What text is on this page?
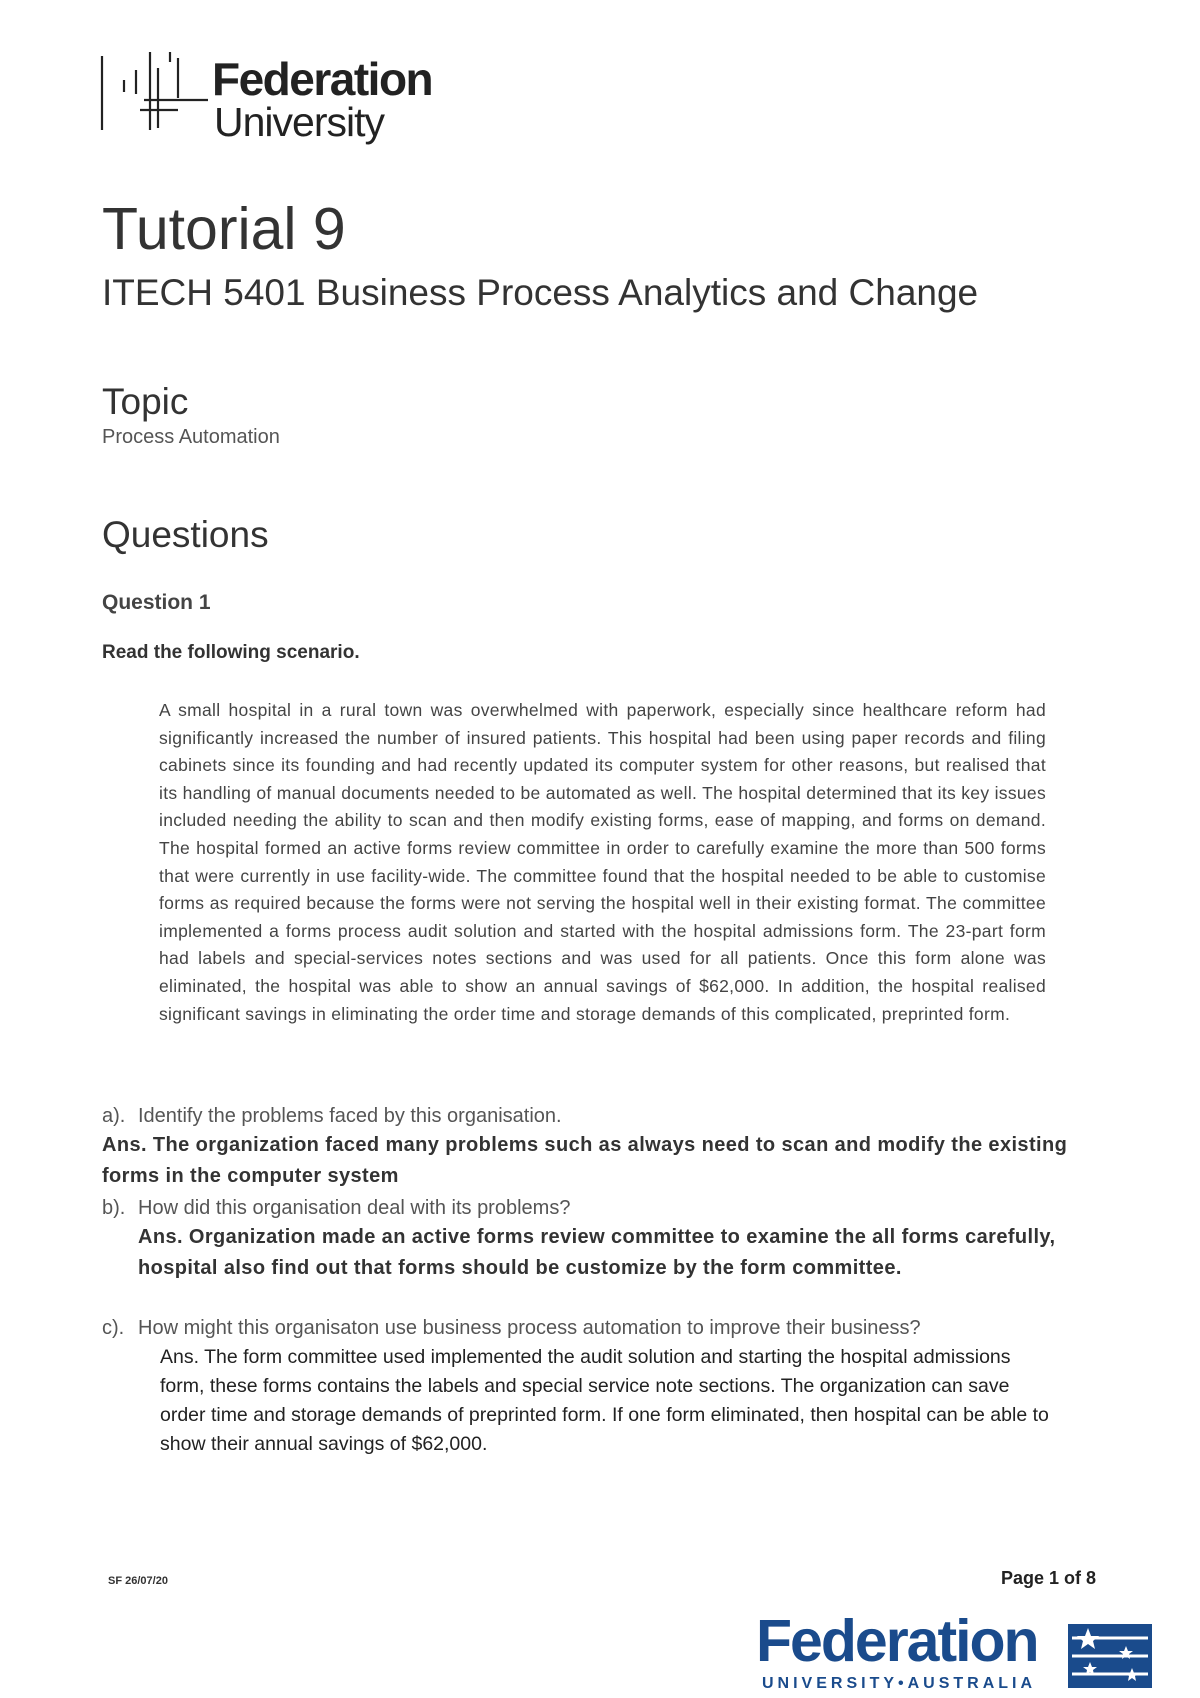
Federation
University
Tutorial 9
ITECH 5401 Business Process Analytics and Change
Topic
Process Automation
Questions
Question 1
Read the following scenario.

A small hospital in a rural town was overwhelmed with paperwork, especially since healthcare reform had significantly increased the number of insured patients. This hospital had been using paper records and filing cabinets since its founding and had recently updated its computer system for other reasons, but realised that its handling of manual documents needed to be automated as well. The hospital determined that its key issues included needing the ability to scan and then modify existing forms, ease of mapping, and forms on demand. The hospital formed an active forms review committee in order to carefully examine the more than 500 forms that were currently in use facility-wide. The committee found that the hospital needed to be able to customise forms as required because the forms were not serving the hospital well in their existing format. The committee implemented a forms process audit solution and started with the hospital admissions form. The 23-part form had labels and special-services notes sections and was used for all patients. Once this form alone was eliminated, the hospital was able to show an annual savings of $62,000. In addition, the hospital realised significant savings in eliminating the order time and storage demands of this complicated, preprinted form.

a). Identify the problems faced by this organisation.
Ans. The organization faced many problems such as always need to scan and modify the existing forms in the computer system
b). How did this organisation deal with its problems?
Ans. Organization made an active forms review committee to examine the all forms carefully, hospital also find out that forms should be customize by the form committee.
c). How might this organisaton use business process automation to improve their business?
Ans. The form committee used implemented the audit solution and starting the hospital admissions form, these forms contains the labels and special service note sections. The organization can save order time and storage demands of preprinted form. If one form eliminated, then hospital can be able to show their annual savings of $62,000.
SF 26/07/20	Page 1 of 8
Federation
UNIVERSITY•AUSTRALIA
